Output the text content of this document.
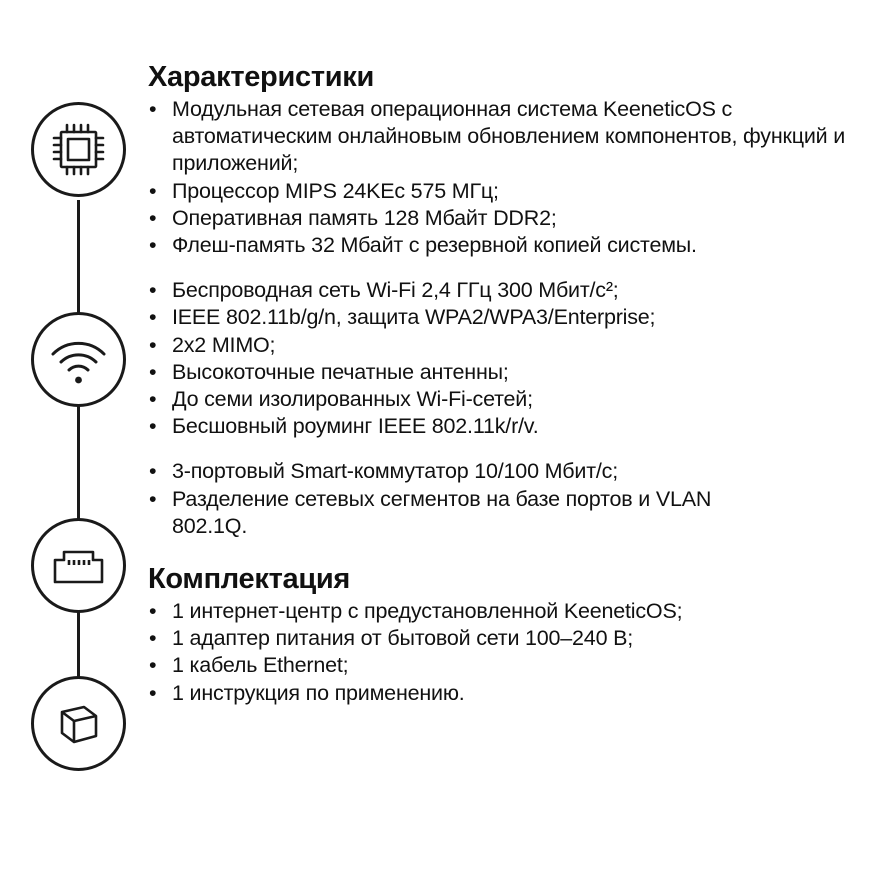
Характеристики
• Модульная сетевая операционная система KeeneticOS с автоматическим онлайновым обновлением компонентов, функций и приложений;
• Процессор MIPS 24KEc 575 МГц;
• Оперативная память 128 Мбайт DDR2;
• Флеш-память 32 Мбайт с резервной копией системы.
• Беспроводная сеть Wi-Fi 2,4 ГГц 300 Мбит/с²;
• IEEE 802.11b/g/n, защита WPA2/WPA3/Enterprise;
• 2x2 MIMO;
• Высокоточные печатные антенны;
• До семи изолированных Wi-Fi-сетей;
• Бесшовный роуминг IEEE 802.11k/r/v.
• 3-портовый Smart-коммутатор 10/100 Мбит/с;
• Разделение сетевых сегментов на базе портов и VLAN 802.1Q.
Комплектация
• 1 интернет-центр с предустановленной KeeneticOS;
• 1 адаптер питания от бытовой сети 100–240 В;
• 1 кабель Ethernet;
• 1 инструкция по применению.
